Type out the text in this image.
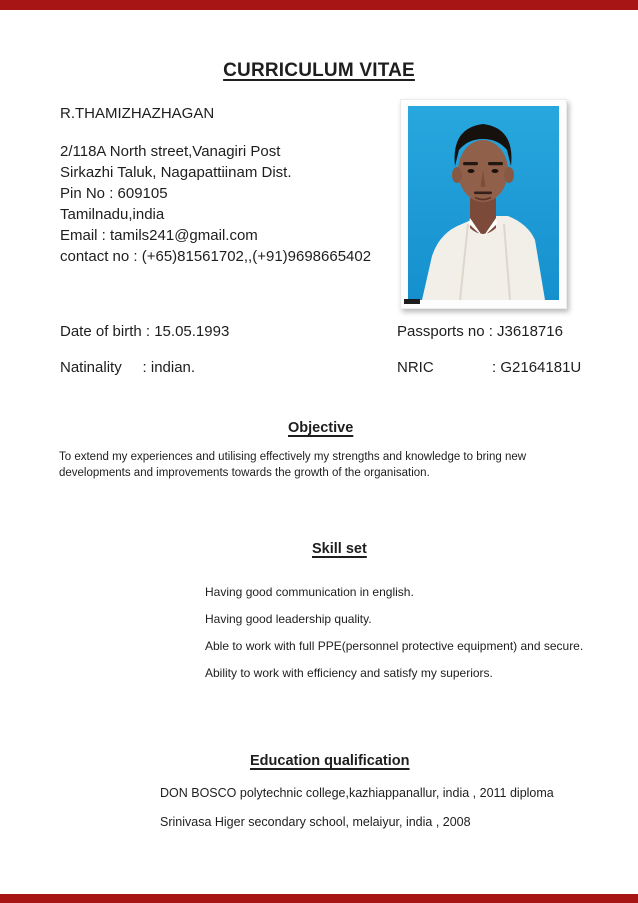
CURRICULUM VITAE
R.THAMIZHAZHAGAN
2/118A North street,Vanagiri Post
Sirkazhi Taluk, Nagapattiinam Dist.
Pin No : 609105
Tamilnadu,india
Email : tamils241@gmail.com
contact no : (+65)81561702,,(+91)9698665402
Date of birth : 15.05.1993	Passports no : J3618716
Natinality     : indian.	NRIC              : G2164181U
Objective
To extend my experiences and utilising effectively my strengths and knowledge to bring new developments and improvements towards the growth of the organisation.
Skill set
Having good communication in english.
Having good leadership quality.
Able to work with full PPE(personnel protective equipment) and secure.
Ability to work with efficiency and satisfy my superiors.
Education qualification
DON BOSCO polytechnic college,kazhiappanallur, india , 2011 diploma
Srinivasa Higer secondary school, melaiyur, india , 2008
